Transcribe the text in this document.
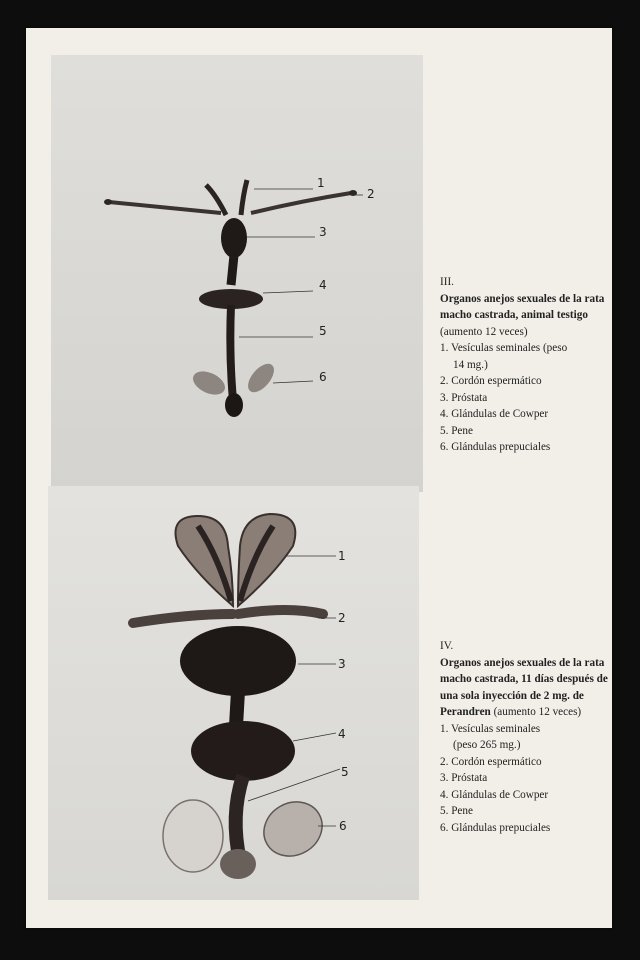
1
2
3
4
5
6
III.
Organos anejos sexuales de la rata macho castrada, animal testigo (aumento 12 veces)
1. Vesículas seminales (peso
14 mg.)
2. Cordón espermático
3. Próstata
4. Glándulas de Cowper
5. Pene
6. Glándulas prepuciales
1
2
3
4
5
6
IV.
Organos anejos sexuales de la rata macho castrada, 11 días después de una sola inyección de 2 mg. de Perandren (aumento 12 veces)
1. Vesículas seminales
(peso 265 mg.)
2. Cordón espermático
3. Próstata
4. Glándulas de Cowper
5. Pene
6. Glándulas prepuciales
